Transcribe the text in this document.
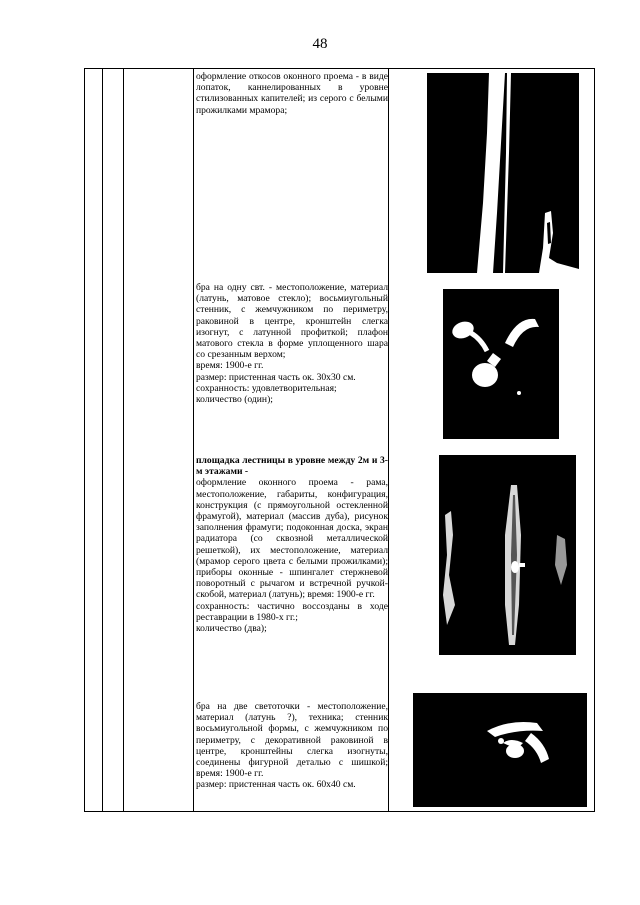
48

оформление откосов оконного проема - в виде лопаток, каннелированных в уровне стилизованных капителей; из серого с белыми прожилками мрамора;

бра на одну свт. - местоположение, материал (латунь, матовое стекло); восьмиугольный стенник, с жемчужником по периметру, раковиной в центре, кронштейн слегка изогнут, с латунной профиткой; плафон матового стекла в форме уплощенного шара со срезанным верхом;

время: 1900-е гг.

размер: пристенная часть ок. 30х30 см.

сохранность: удовлетворительная;

количество (один);

площадка лестницы в уровне между 2м и 3-м этажами -

оформление оконного проема - рама, местоположение, габариты, конфигурация, конструкция (с прямоугольной остекленной фрамугой), материал (массив дуба), рисунок заполнения фрамуги; подоконная доска, экран радиатора (со сквозной металлической решеткой), их местоположение, материал (мрамор серого цвета с белыми прожилками); приборы оконные - шпингалет стержневой поворотный с рычагом и встречной ручкой-скобой, материал (латунь); время: 1900-е гг.

сохранность: частично воссозданы в ходе реставрации в 1980-х гг.;

количество (два);

бра на две светоточки - местоположение, материал (латунь ?), техника; стенник восьмиугольной формы, с жемчужником по периметру, с декоративной раковиной в центре, кронштейны слегка изогнуты, соединены фигурной деталью с шишкой; время: 1900-е гг.

размер: пристенная часть ок. 60х40 см.
